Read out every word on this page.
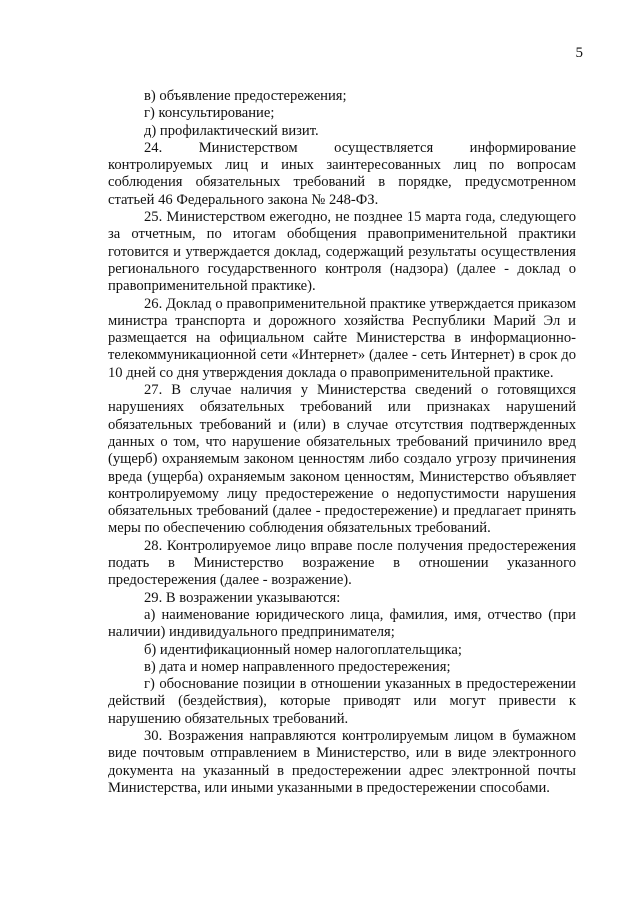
5

в) объявление предостережения;

г) консультирование;

д) профилактический визит.

24. Министерством осуществляется информирование контролируемых лиц и иных заинтересованных лиц по вопросам соблюдения обязательных требований в порядке, предусмотренном статьей 46 Федерального закона № 248-ФЗ.

25. Министерством ежегодно, не позднее 15 марта года, следующего за отчетным, по итогам обобщения правоприменительной практики готовится и утверждается доклад, содержащий результаты осуществления регионального государственного контроля (надзора) (далее - доклад о правоприменительной практике).

26. Доклад о правоприменительной практике утверждается приказом министра транспорта и дорожного хозяйства Республики Марий Эл и размещается на официальном сайте Министерства в информационно-телекоммуникационной сети «Интернет» (далее - сеть Интернет) в срок до 10 дней со дня утверждения доклада о правоприменительной практике.

27. В случае наличия у Министерства сведений о готовящихся нарушениях обязательных требований или признаках нарушений обязательных требований и (или) в случае отсутствия подтвержденных данных о том, что нарушение обязательных требований причинило вред (ущерб) охраняемым законом ценностям либо создало угрозу причинения вреда (ущерба) охраняемым законом ценностям, Министерство объявляет контролируемому лицу предостережение о недопустимости нарушения обязательных требований (далее - предостережение) и предлагает принять меры по обеспечению соблюдения обязательных требований.

28. Контролируемое лицо вправе после получения предостережения подать в Министерство возражение в отношении указанного предостережения (далее - возражение).

29. В возражении указываются:

а) наименование юридического лица, фамилия, имя, отчество (при наличии) индивидуального предпринимателя;

б) идентификационный номер налогоплательщика;

в) дата и номер направленного предостережения;

г) обоснование позиции в отношении указанных в предостережении действий (бездействия), которые приводят или могут привести к нарушению обязательных требований.

30. Возражения направляются контролируемым лицом в бумажном виде почтовым отправлением в Министерство, или в виде электронного документа на указанный в предостережении адрес электронной почты Министерства, или иными указанными в предостережении способами.
